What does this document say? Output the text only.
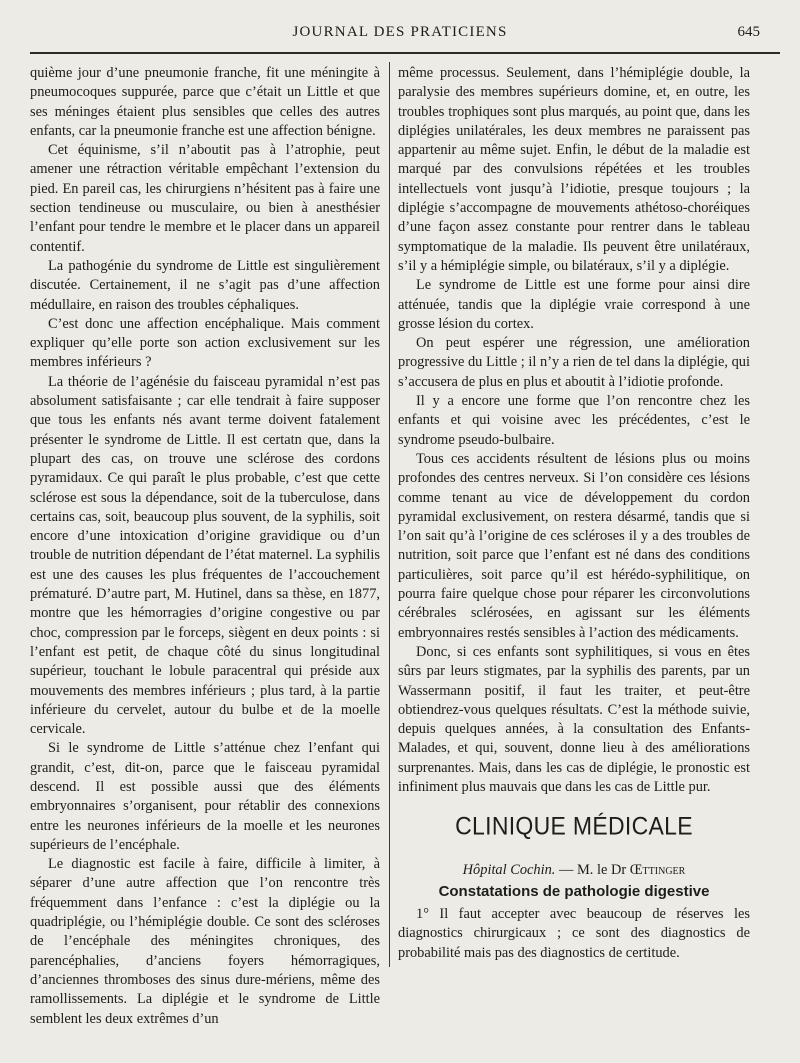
JOURNAL DES PRATICIENS	645

quième jour d’une pneumonie franche, fit une méningite à pneumocoques suppurée, parce que c’était un Little et que ses méninges étaient plus sensibles que celles des autres enfants, car la pneumonie franche est une affection bénigne.

Cet équinisme, s’il n’aboutit pas à l’atrophie, peut amener une rétraction véritable empêchant l’extension du pied. En pareil cas, les chirurgiens n’hésitent pas à faire une section tendineuse ou musculaire, ou bien à anesthésier l’enfant pour tendre le membre et le placer dans un appareil contentif.

La pathogénie du syndrome de Little est singulièrement discutée. Certainement, il ne s’agit pas d’une affection médullaire, en raison des troubles céphaliques.

C’est donc une affection encéphalique. Mais comment expliquer qu’elle porte son action exclusivement sur les membres inférieurs ?

La théorie de l’agénésie du faisceau pyramidal n’est pas absolument satisfaisante ; car elle tendrait à faire supposer que tous les enfants nés avant terme doivent fatalement présenter le syndrome de Little. Il est certatn que, dans la plupart des cas, on trouve une sclérose des cordons pyramidaux. Ce qui paraît le plus probable, c’est que cette sclérose est sous la dépendance, soit de la tuberculose, dans certains cas, soit, beaucoup plus souvent, de la syphilis, soit encore d’une intoxication d’origine gravidique ou d’un trouble de nutrition dépendant de l’état maternel. La syphilis est une des causes les plus fréquentes de l’accouchement prématuré. D’autre part, M. Hutinel, dans sa thèse, en 1877, montre que les hémorragies d’origine congestive ou par choc, compression par le forceps, siègent en deux points : si l’enfant est petit, de chaque côté du sinus longitudinal supérieur, touchant le lobule paracentral qui préside aux mouvements des membres inférieurs ; plus tard, à la partie inférieure du cervelet, autour du bulbe et de la moelle cervicale.

Si le syndrome de Little s’atténue chez l’enfant qui grandit, c’est, dit-on, parce que le faisceau pyramidal descend. Il est possible aussi que des éléments embryonnaires s’organisent, pour rétablir des connexions entre les neurones inférieurs de la moelle et les neurones supérieurs de l’encéphale.

Le diagnostic est facile à faire, difficile à limiter, à séparer d’une autre affection que l’on rencontre très fréquemment dans l’enfance : c’est la diplégie ou la quadriplégie, ou l’hémiplégie double. Ce sont des scléroses de l’encéphale des méningites chroniques, des parencéphalies, d’anciens foyers hémorragiques, d’anciennes thromboses des sinus dure-mériens, même des ramollissements. La diplégie et le syndrome de Little semblent les deux extrêmes d’un

même processus. Seulement, dans l’hémiplégie double, la paralysie des membres supérieurs domine, et, en outre, les troubles trophiques sont plus marqués, au point que, dans les diplégies unilatérales, les deux membres ne paraissent pas appartenir au même sujet. Enfin, le début de la maladie est marqué par des convulsions répétées et les troubles intellectuels vont jusqu’à l’idiotie, presque toujours ; la diplégie s’accompagne de mouvements athétoso-choréiques d’une façon assez constante pour rentrer dans le tableau symptomatique de la maladie. Ils peuvent être unilatéraux, s’il y a hémiplégie simple, ou bilatéraux, s’il y a diplégie.

Le syndrome de Little est une forme pour ainsi dire atténuée, tandis que la diplégie vraie correspond à une grosse lésion du cortex.

On peut espérer une régression, une amélioration progressive du Little ; il n’y a rien de tel dans la diplégie, qui s’accusera de plus en plus et aboutit à l’idiotie profonde.

Il y a encore une forme que l’on rencontre chez les enfants et qui voisine avec les précédentes, c’est le syndrome pseudo-bulbaire.

Tous ces accidents résultent de lésions plus ou moins profondes des centres nerveux. Si l’on considère ces lésions comme tenant au vice de développement du cordon pyramidal exclusivement, on restera désarmé, tandis que si l’on sait qu’à l’origine de ces scléroses il y a des troubles de nutrition, soit parce que l’enfant est né dans des conditions particulières, soit parce qu’il est hérédo-syphilitique, on pourra faire quelque chose pour réparer les circonvolutions cérébrales sclérosées, en agissant sur les éléments embryonnaires restés sensibles à l’action des médicaments.

Donc, si ces enfants sont syphilitiques, si vous en êtes sûrs par leurs stigmates, par la syphilis des parents, par un Wassermann positif, il faut les traiter, et peut-être obtiendrez-vous quelques résultats. C’est la méthode suivie, depuis quelques années, à la consultation des Enfants-Malades, et qui, souvent, donne lieu à des améliorations surprenantes. Mais, dans les cas de diplégie, le pronostic est infiniment plus mauvais que dans les cas de Little pur.

CLINIQUE MÉDICALE
Hôpital Cochin. — M. le Dr Œttinger
Constatations de pathologie digestive

1° Il faut accepter avec beaucoup de réserves les diagnostics chirurgicaux ; ce sont des diagnostics de probabilité mais pas des diagnostics de certitude.
